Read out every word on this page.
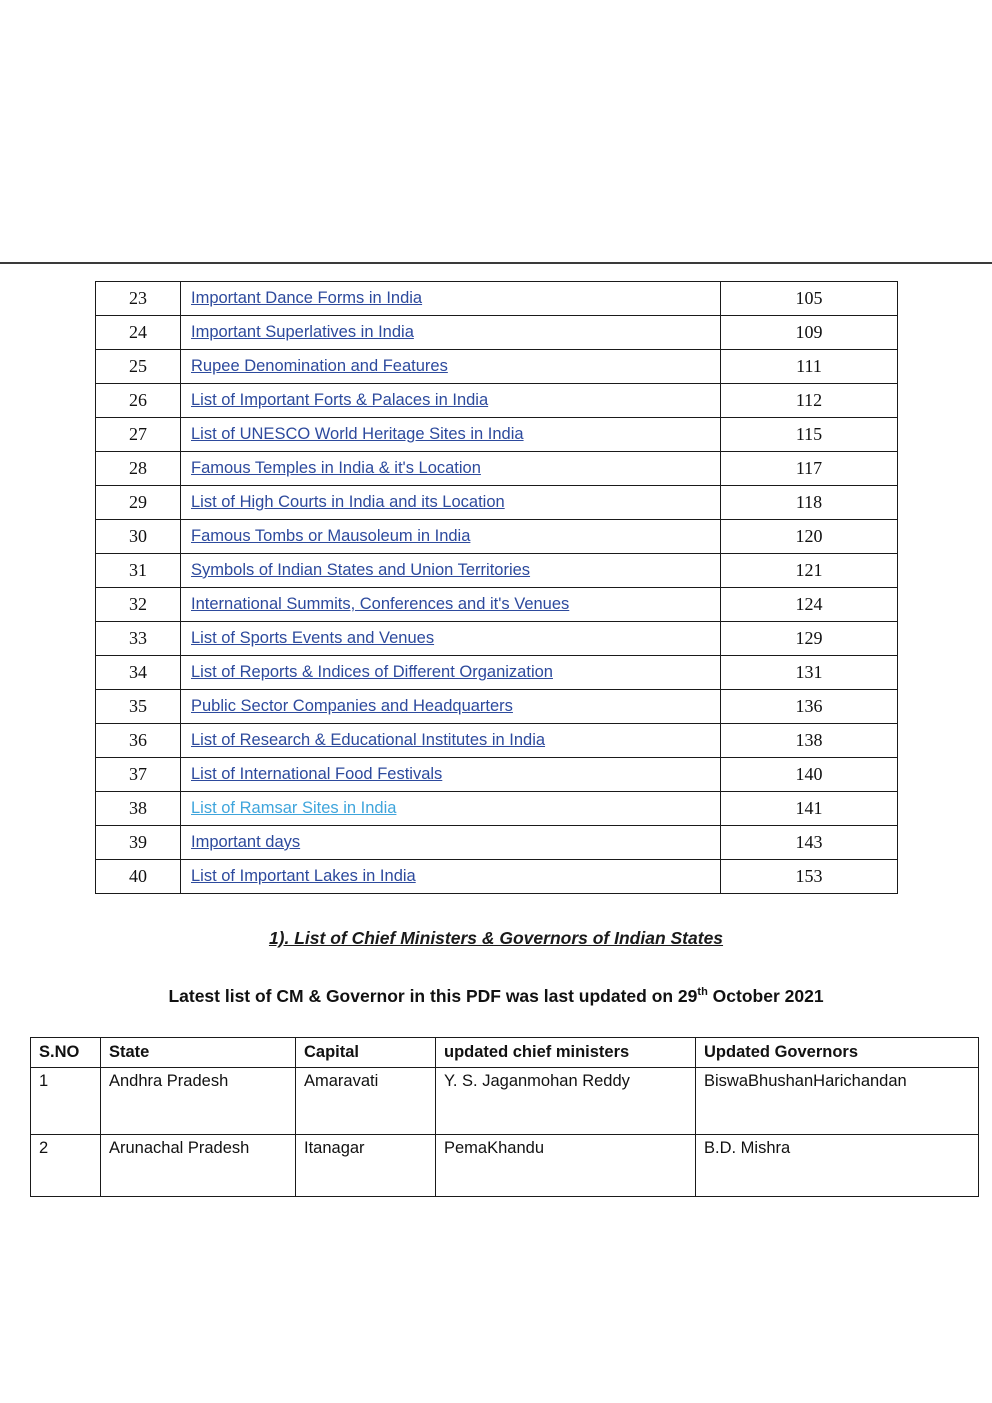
23	Important Dance Forms in India	105
24	Important Superlatives in India	109
25	Rupee Denomination and Features	111
26	List of Important Forts & Palaces in India	112
27	List of UNESCO World Heritage Sites in India	115
28	Famous Temples in India & it's Location	117
29	List of High Courts in India and its Location	118
30	Famous Tombs or Mausoleum in India	120
31	Symbols of Indian States and Union Territories	121
32	International Summits, Conferences and it's Venues	124
33	List of Sports Events and Venues	129
34	List of Reports & Indices of Different Organization	131
35	Public Sector Companies and Headquarters	136
36	List of Research & Educational Institutes in India	138
37	List of International Food Festivals	140
38	List of Ramsar Sites in India	141
39	Important days	143
40	List of Important Lakes in India	153
1). List of Chief Ministers & Governors of Indian States
Latest list of CM & Governor in this PDF was last updated on 29th October 2021
S.NO	State	Capital	updated chief ministers	Updated Governors
1	Andhra Pradesh	Amaravati	Y. S. Jaganmohan Reddy	BiswaBhushanHarichandan
2	Arunachal Pradesh	Itanagar	PemaKhandu	B.D. Mishra
